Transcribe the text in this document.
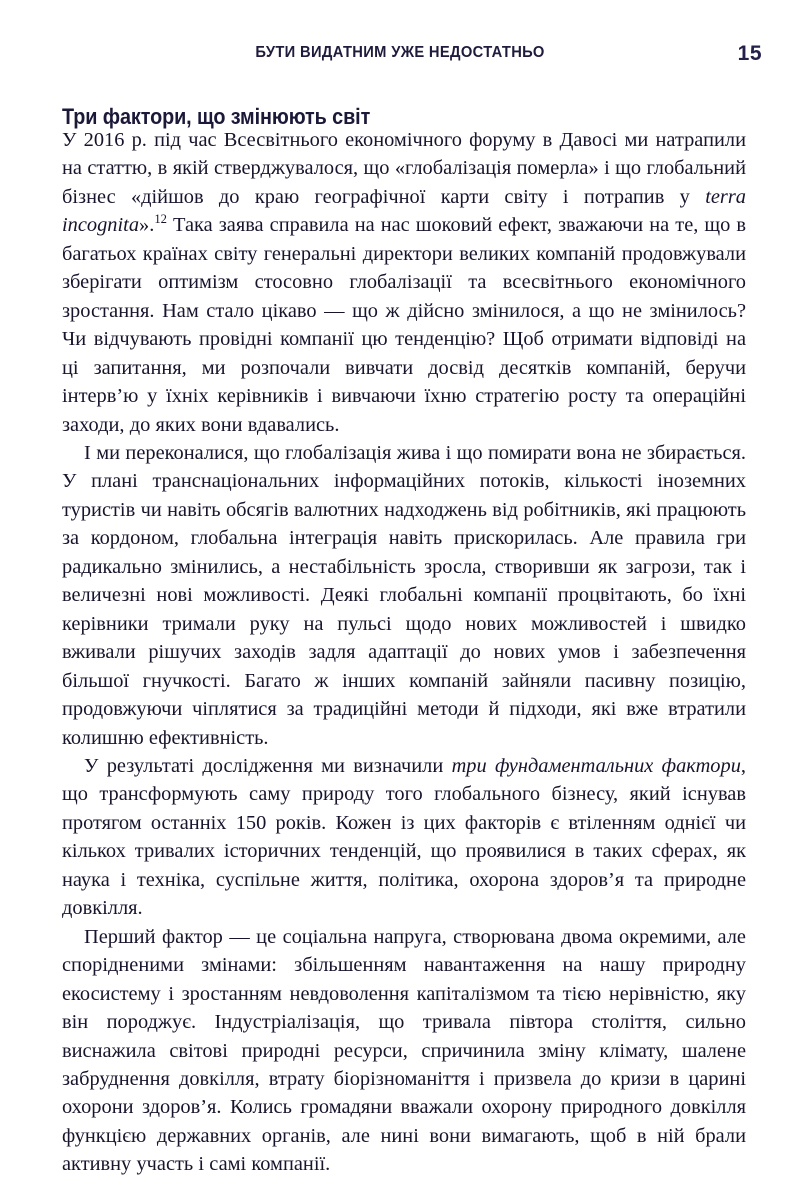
БУТИ ВИДАТНИМ УЖЕ НЕДОСТАТНЬО	15
Три фактори, що змінюють світ

У 2016 р. під час Всесвітнього економічного форуму в Давосі ми натрапили на статтю, в якій стверджувалося, що «глобалізація померла» і що глобальний бізнес «дійшов до краю географічної карти світу і потрапив у terra incognita».$^{12}$ Така заява справила на нас шоковий ефект, зважаючи на те, що в багатьох країнах світу генеральні директори великих компаній продовжували зберігати оптимізм стосовно глобалізації та всесвітнього економічного зростання. Нам стало цікаво — що ж дійсно змінилося, а що не змінилось? Чи відчувають провідні компанії цю тенденцію? Щоб отримати відповіді на ці запитання, ми розпочали вивчати досвід десятків компаній, беручи інтерв’ю у їхніх керівників і вивчаючи їхню стратегію росту та операційні заходи, до яких вони вдавались.

І ми переконалися, що глобалізація жива і що помирати вона не збирається. У плані транснаціональних інформаційних потоків, кількості іноземних туристів чи навіть обсягів валютних надходжень від робітників, які працюють за кордоном, глобальна інтеграція навіть прискорилась. Але правила гри радикально змінились, а нестабільність зросла, створивши як загрози, так і величезні нові можливості. Деякі глобальні компанії процвітають, бо їхні керівники тримали руку на пульсі щодо нових можливостей і швидко вживали рішучих заходів задля адаптації до нових умов і забезпечення більшої гнучкості. Багато ж інших компаній зайняли пасивну позицію, продовжуючи чіплятися за традиційні методи й підходи, які вже втратили колишню ефективність.

У результаті дослідження ми визначили три фундаментальних фактори, що трансформують саму природу того глобального бізнесу, який існував протягом останніх 150 років. Кожен із цих факторів є втіленням однієї чи кількох тривалих історичних тенденцій, що проявилися в таких сферах, як наука і техніка, суспільне життя, політика, охорона здоров’я та природне довкілля.

Перший фактор — це соціальна напруга, створювана двома окремими, але спорідненими змінами: збільшенням навантаження на нашу природну екосистему і зростанням невдоволення капіталізмом та тією нерівністю, яку він породжує. Індустріалізація, що тривала півтора століття, сильно виснажила світові природні ресурси, спричинила зміну клімату, шалене забруднення довкілля, втрату біорізноманіття і призвела до кризи в царині охорони здоров’я. Колись громадяни вважали охорону природного довкілля функцією державних органів, але нині вони вимагають, щоб в ній брали активну участь і самі компанії.
